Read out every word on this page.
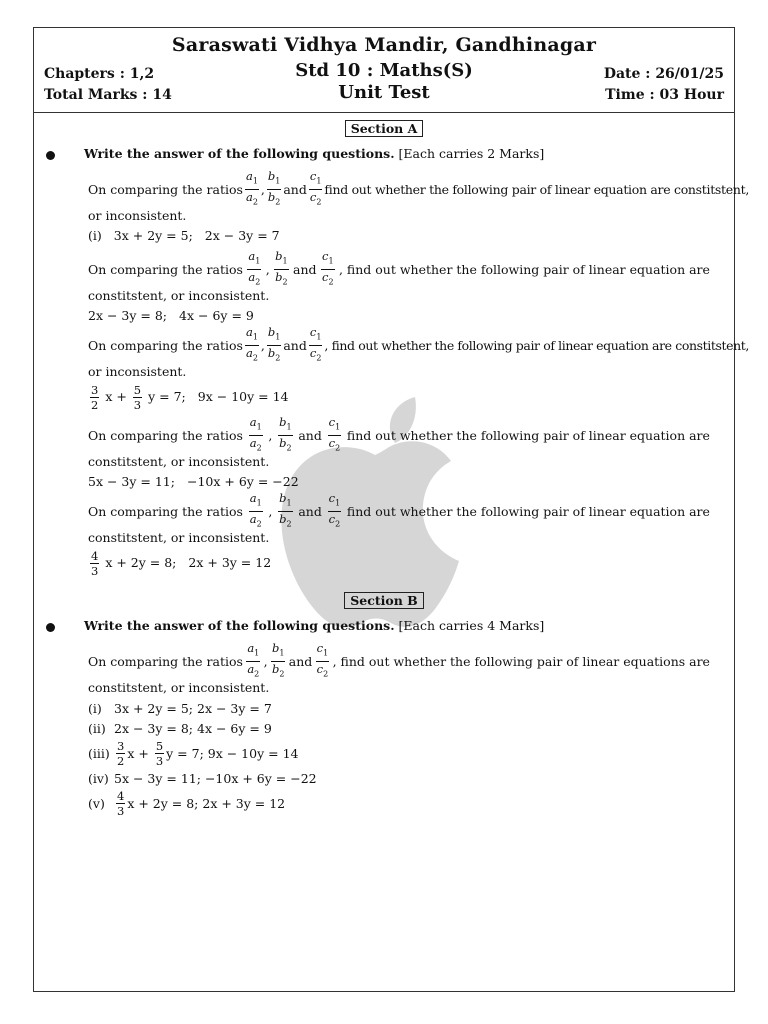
Saraswati Vidhya Mandir, Gandhinagar
Std 10 : Maths(S)
Unit Test
Chapters : 1,2
Total Marks : 14
Date : 26/01/25
Time : 03 Hour
Section A
Write the answer of the following questions. [Each carries 2 Marks]
On comparing the ratios $\frac{a_1}{a_2}$ , $\frac{b_1}{b_2}$ and $\frac{c_1}{c_2}$ find out whether the following pair of linear equation are constitstent,
or inconsistent.
(i) 3x + 2y = 5; 2x − 3y = 7
On comparing the ratios $\frac{a_1}{a_2}$ , $\frac{b_1}{b_2}$ and $\frac{c_1}{c_2}$ , find out whether the following pair of linear equation are
constitstent, or inconsistent.
2x − 3y = 8; 4x − 6y = 9
On comparing the ratios $\frac{a_1}{a_2}$ , $\frac{b_1}{b_2}$ and $\frac{c_1}{c_2}$ , find out whether the following pair of linear equation are constitstent,
or inconsistent.
$\frac{3}{2}$ $x + \frac{5}{3}$ y = 7; 9x − 10y = 14
On comparing the ratios $\frac{a_1}{a_2}$ , $\frac{b_1}{b_2}$ and $\frac{c_1}{c_2}$ find out whether the following pair of linear equation are
constitstent, or inconsistent.
5x − 3y = 11; −10x + 6y = −22
On comparing the ratios $\frac{a_1}{a_2}$ , $\frac{b_1}{b_2}$ and $\frac{c_1}{c_2}$ find out whether the following pair of linear equation are
constitstent, or inconsistent.
$\frac{4}{3}$ x + 2y = 8; 2x + 3y = 12
Section B
Write the answer of the following questions. [Each carries 4 Marks]
On comparing the ratios $\frac{a_1}{a_2}$ , $\frac{b_1}{b_2}$ and $\frac{c_1}{c_2}$ , find out whether the following pair of linear equations are
constitstent, or inconsistent.
(i) 3x + 2y = 5; 2x − 3y = 7
(ii) 2x − 3y = 8; 4x − 6y = 9
$(iii) \frac{3}{2}$ x +
$\frac{5}{3}$ y = 7; 9x − 10y = 14
(iv) 5x − 3y = 11; −10x + 6y = −22
$(v) \frac{4}{3}$ x + 2y = 8; 2x + 3y = 12
